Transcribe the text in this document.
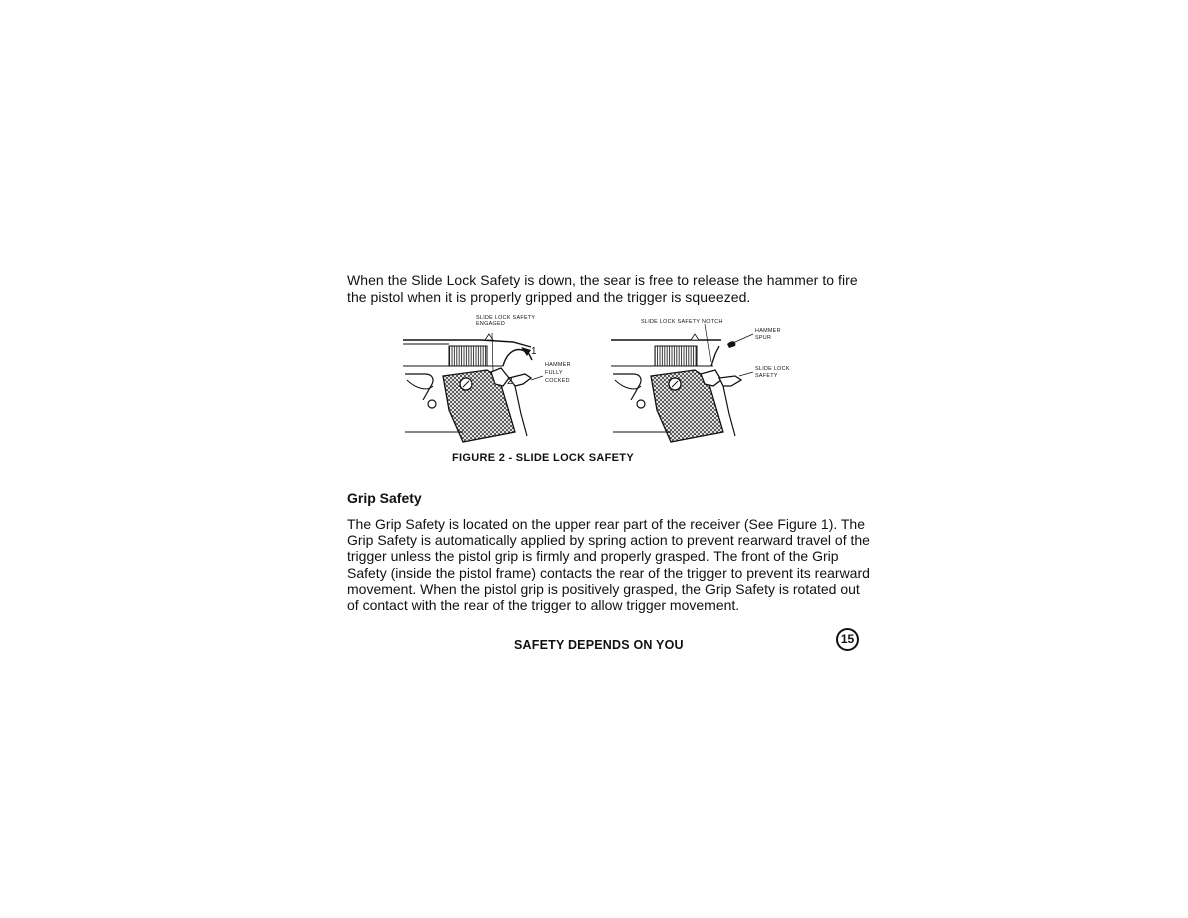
When the Slide Lock Safety is down, the sear is free to release the hammer to fire the pistol when it is properly gripped and the trigger is squeezed.
SLIDE LOCK SAFETY
ENGAGED
HAMMER
FULLY
COCKED
1
2
SLIDE LOCK SAFETY NOTCH
HAMMER
SPUR
SLIDE LOCK
SAFETY
FIGURE 2 - SLIDE LOCK SAFETY
Grip Safety
The Grip Safety is located on the upper rear part of the receiver (See Figure 1). The Grip Safety is automatically applied by spring action to prevent rearward travel of the trigger unless the pistol grip is firmly and properly grasped. The front of the Grip Safety (inside the pistol frame) contacts the rear of the trigger to prevent its rearward movement. When the pistol grip is positively grasped, the Grip Safety is rotated out of contact with the rear of the trigger to allow trigger movement.
SAFETY DEPENDS ON YOU	15
